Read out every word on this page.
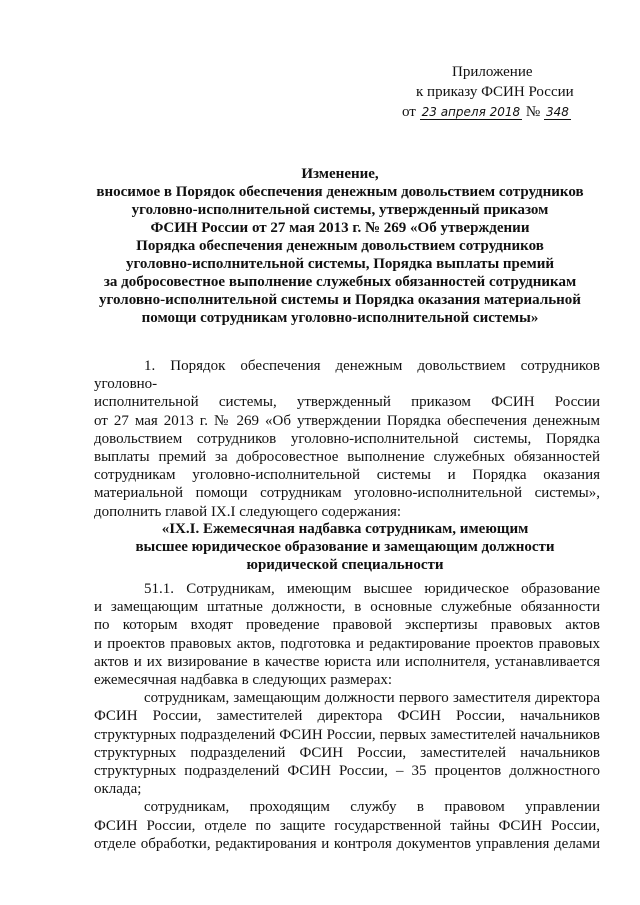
Приложение
к приказу ФСИН России
от 23 апреля 2018 № 348
Изменение,
вносимое в Порядок обеспечения денежным довольствием сотрудников
уголовно-исполнительной системы, утвержденный приказом
ФСИН России от 27 мая 2013 г. № 269 «Об утверждении
Порядка обеспечения денежным довольствием сотрудников
уголовно-исполнительной системы, Порядка выплаты премий
за добросовестное выполнение служебных обязанностей сотрудникам
уголовно-исполнительной системы и Порядка оказания материальной
помощи сотрудникам уголовно-исполнительной системы»
1. Порядок обеспечения денежным довольствием сотрудников уголовно-
исполнительной системы, утвержденный приказом ФСИН России
от 27 мая 2013 г. № 269 «Об утверждении Порядка обеспечения денежным
довольствием сотрудников уголовно-исполнительной системы, Порядка
выплаты премий за добросовестное выполнение служебных обязанностей
сотрудникам уголовно-исполнительной системы и Порядка оказания
материальной помощи сотрудникам уголовно-исполнительной системы»,
дополнить главой IX.I следующего содержания:
«IX.I. Ежемесячная надбавка сотрудникам, имеющим
высшее юридическое образование и замещающим должности
юридической специальности
51.1. Сотрудникам, имеющим высшее юридическое образование
и замещающим штатные должности, в основные служебные обязанности
по которым входят проведение правовой экспертизы правовых актов
и проектов правовых актов, подготовка и редактирование проектов правовых
актов и их визирование в качестве юриста или исполнителя, устанавливается
ежемесячная надбавка в следующих размерах:
сотрудникам, замещающим должности первого заместителя директора
ФСИН России, заместителей директора ФСИН России, начальников
структурных подразделений ФСИН России, первых заместителей начальников
структурных подразделений ФСИН России, заместителей начальников
структурных подразделений ФСИН России, – 35 процентов должностного
оклада;
сотрудникам, проходящим службу в правовом управлении
ФСИН России, отделе по защите государственной тайны ФСИН России,
отделе обработки, редактирования и контроля документов управления делами
